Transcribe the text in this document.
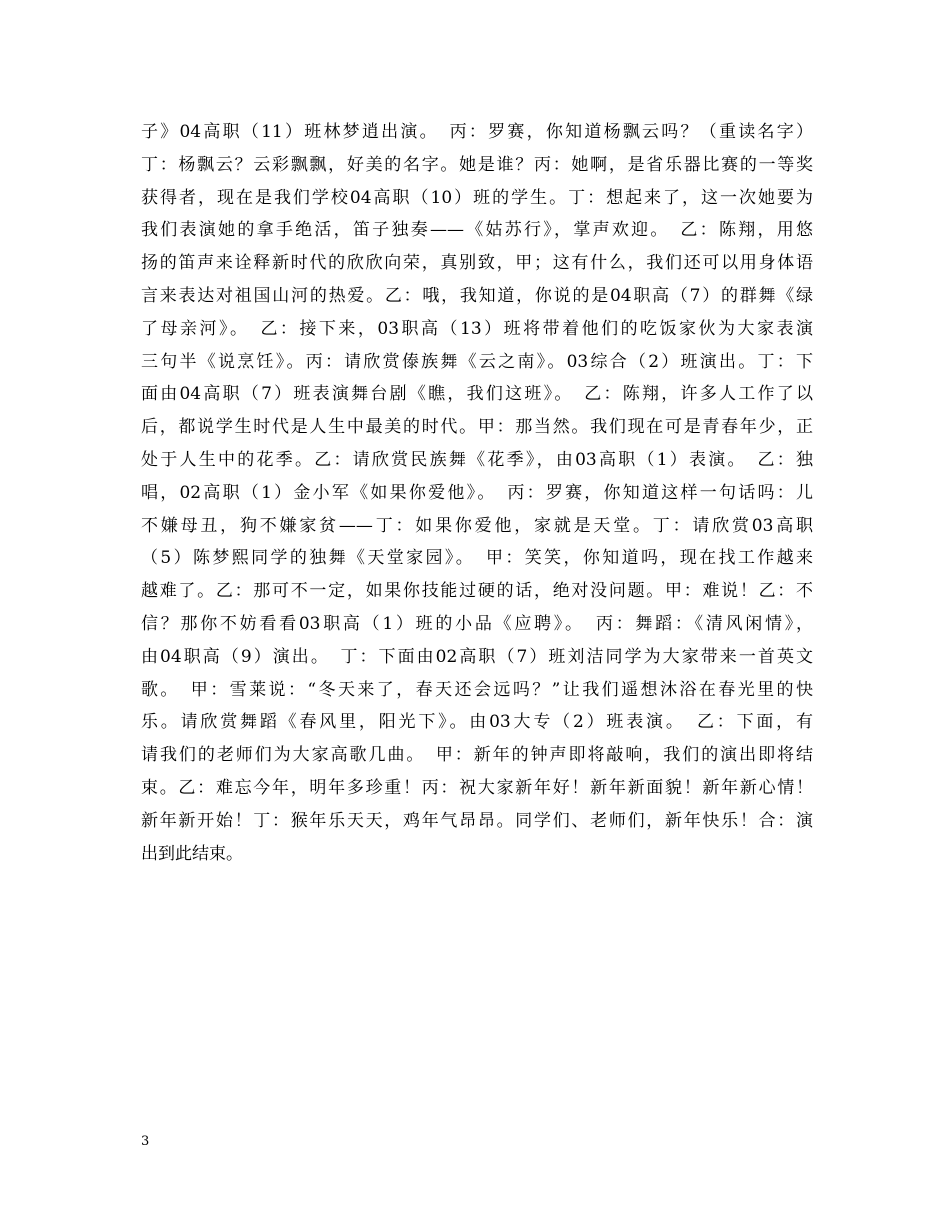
子》04高职（11）班林梦逍出演。　丙：罗赛，你知道杨飘云吗？（重读名字）
丁：杨飘云？云彩飘飘，好美的名字。她是谁？丙：她啊，是省乐器比赛的一等奖
获得者，现在是我们学校04高职（10）班的学生。丁：想起来了，这一次她要为
我们表演她的拿手绝活，笛子独奏——《姑苏行》，掌声欢迎。　乙：陈翔，用悠
扬的笛声来诠释新时代的欣欣向荣，真别致，甲；这有什么，我们还可以用身体语
言来表达对祖国山河的热爱。乙：哦，我知道，你说的是04职高（7）的群舞《绿
了母亲河》。　乙：接下来，03职高（13）班将带着他们的吃饭家伙为大家表演
三句半《说烹饪》。丙：请欣赏傣族舞《云之南》。03综合（2）班演出。丁：下
面由04高职（7）班表演舞台剧《瞧，我们这班》。　乙：陈翔，许多人工作了以
后，都说学生时代是人生中最美的时代。甲：那当然。我们现在可是青春年少，正
处于人生中的花季。乙：请欣赏民族舞《花季》，由03高职（1）表演。　乙：独
唱，02高职（1）金小军《如果你爱他》。　丙：罗赛，你知道这样一句话吗：儿
不嫌母丑，狗不嫌家贫——丁：如果你爱他，家就是天堂。丁：请欣赏03高职
（5）陈梦熙同学的独舞《天堂家园》。　甲：笑笑，你知道吗，现在找工作越来
越难了。乙：那可不一定，如果你技能过硬的话，绝对没问题。甲：难说！乙：不
信？那你不妨看看03职高（1）班的小品《应聘》。　丙：舞蹈：《清风闲情》，
由04职高（9）演出。　丁：下面由02高职（7）班刘洁同学为大家带来一首英文
歌。　甲：雪莱说：“冬天来了，春天还会远吗？”让我们遥想沐浴在春光里的快
乐。请欣赏舞蹈《春风里，阳光下》。由03大专（2）班表演。　乙：下面，有
请我们的老师们为大家高歌几曲。　甲：新年的钟声即将敲响，我们的演出即将结
束。乙：难忘今年，明年多珍重！丙：祝大家新年好！新年新面貌！新年新心情！
新年新开始！丁：猴年乐天天，鸡年气昂昂。同学们、老师们，新年快乐！合：演
出到此结束。
3
